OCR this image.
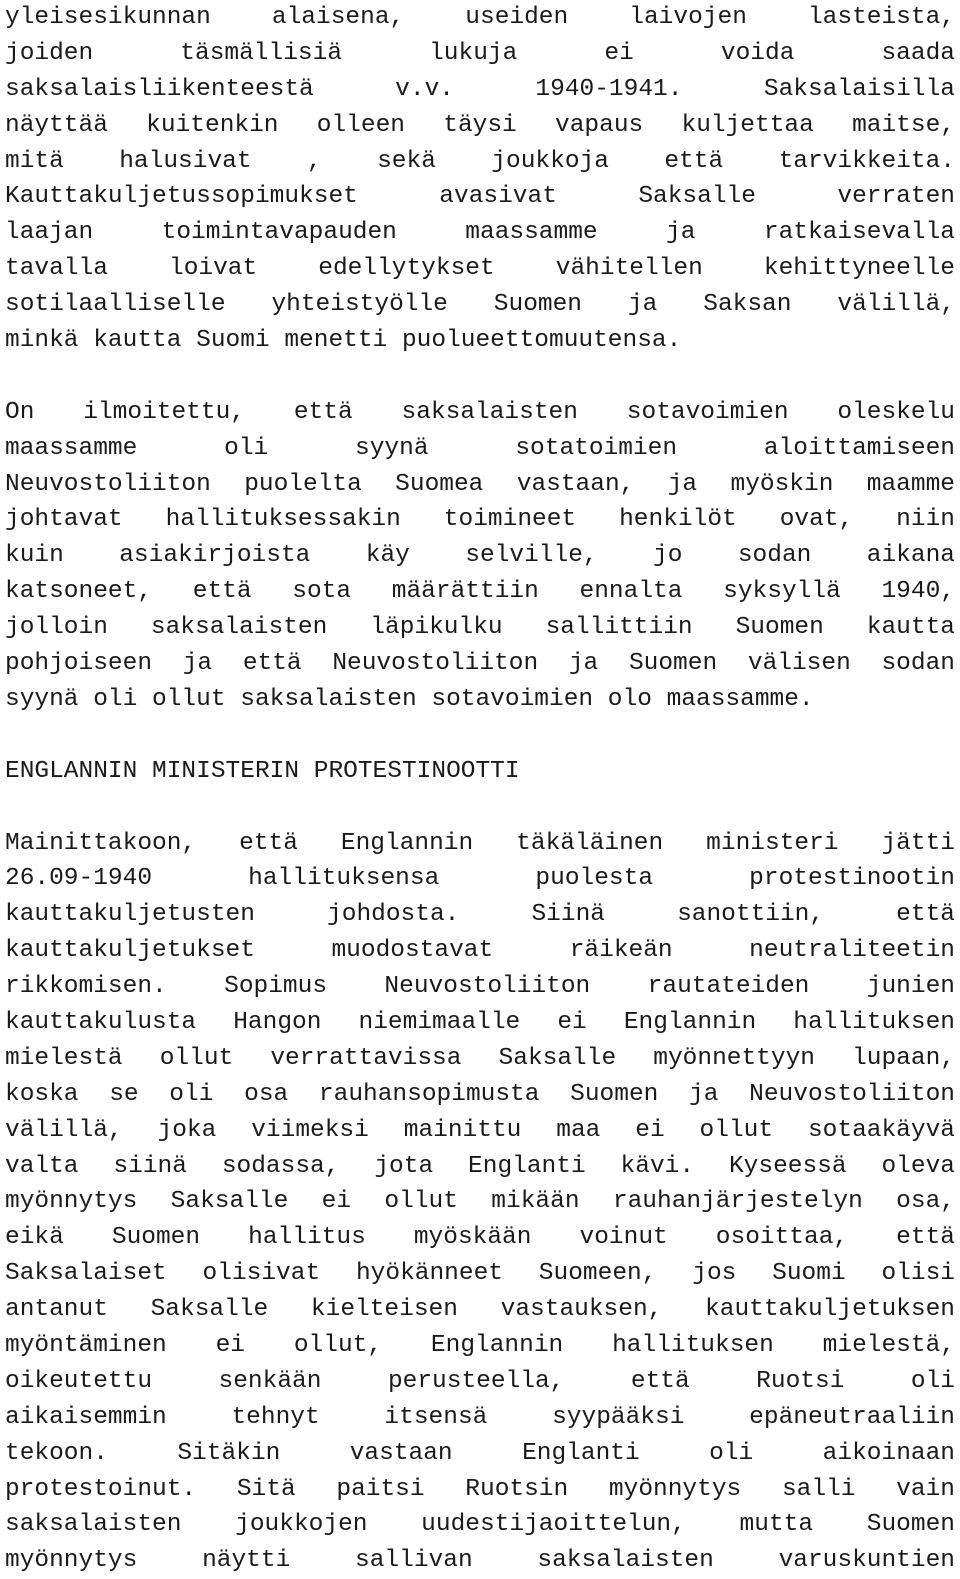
yleisesikunnan alaisena, useiden laivojen lasteista,
joiden täsmällisiä lukuja ei voida saada
saksalaisliikenteestä v.v. 1940-1941. Saksalaisilla
näyttää kuitenkin olleen täysi vapaus kuljettaa maitse,
mitä halusivat , sekä joukkoja että tarvikkeita.
Kauttakuljetussopimukset avasivat Saksalle verraten
laajan toimintavapauden maassamme ja ratkaisevalla
tavalla loivat edellytykset vähitellen kehittyneelle
sotilaalliselle yhteistyölle Suomen ja Saksan välillä,
minkä kautta Suomi menetti puolueettomuutensa.

On ilmoitettu, että saksalaisten sotavoimien oleskelu
maassamme oli syynä sotatoimien aloittamiseen
Neuvostoliiton puolelta Suomea vastaan, ja myöskin maamme
johtavat hallituksessakin toimineet henkilöt ovat, niin
kuin asiakirjoista käy selville, jo sodan aikana
katsoneet, että sota määrättiin ennalta syksyllä 1940,
jolloin saksalaisten läpikulku sallittiin Suomen kautta
pohjoiseen ja että Neuvostoliiton ja Suomen välisen sodan
syynä oli ollut saksalaisten sotavoimien olo maassamme.

ENGLANNIN MINISTERIN PROTESTINOOTTI

Mainittakoon, että Englannin täkäläinen ministeri jätti
26.09-1940 hallituksensa puolesta protestinootin
kauttakuljetusten johdosta. Siinä sanottiin, että
kauttakuljetukset muodostavat räikeän neutraliteetin
rikkomisen. Sopimus Neuvostoliiton rautateiden junien
kauttakulusta Hangon niemimaalle ei Englannin hallituksen
mielestä ollut verrattavissa Saksalle myönnettyyn lupaan,
koska se oli osa rauhansopimusta Suomen ja Neuvostoliiton
välillä, joka viimeksi mainittu maa ei ollut sotaakäyvä
valta siinä sodassa, jota Englanti kävi. Kyseessä oleva
myönnytys Saksalle ei ollut mikään rauhanjärjestelyn osa,
eikä Suomen hallitus myöskään voinut osoittaa, että
Saksalaiset olisivat hyökänneet Suomeen, jos Suomi olisi
antanut Saksalle kielteisen vastauksen, kauttakuljetuksen
myöntäminen ei ollut, Englannin hallituksen mielestä,
oikeutettu senkään perusteella, että Ruotsi oli
aikaisemmin tehnyt itsensä syypääksi epäneutraaliin
tekoon. Sitäkin vastaan Englanti oli aikoinaan
protestoinut. Sitä paitsi Ruotsin myönnytys salli vain
saksalaisten joukkojen uudestijaoittelun, mutta Suomen
myönnytys näytti sallivan saksalaisten varuskuntien
